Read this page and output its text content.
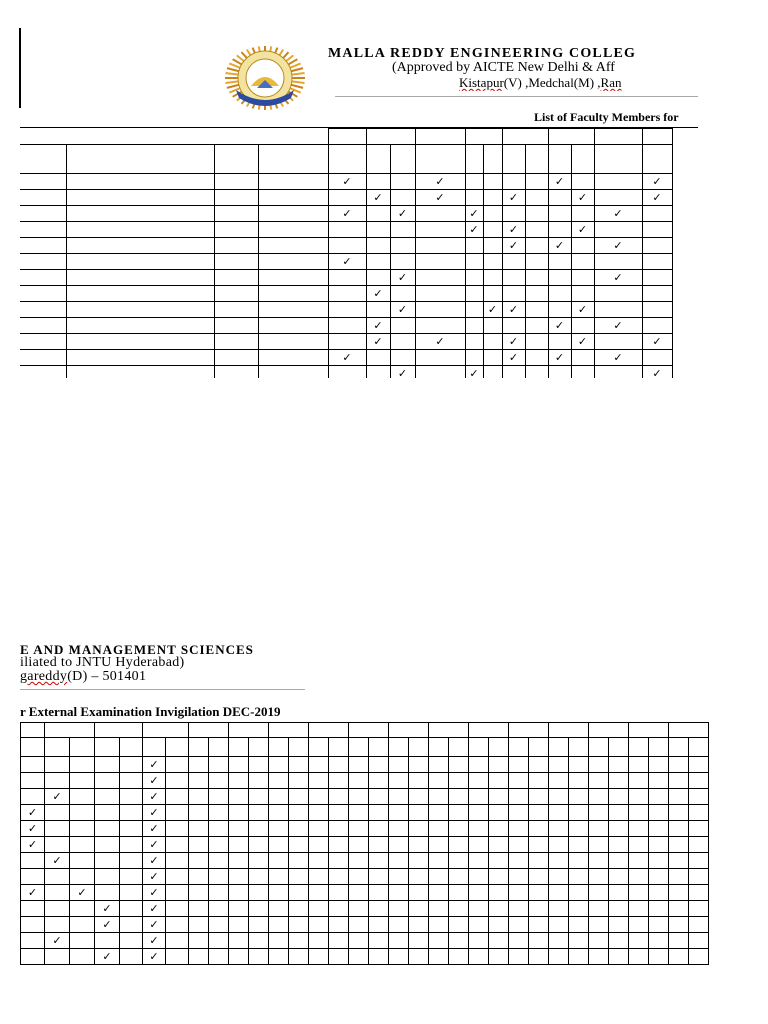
MALLA REDDY ENGINEERING COLLEG
(Approved by AICTE New Delhi & Aff
Kistapur(V) ,Medchal(M) ,Ran
List of Faculty Members for

				✓			✓					✓			✓
					✓		✓			✓			✓		✓
				✓		✓		✓						✓	
								✓		✓			✓		
										✓		✓		✓	
				✓											
						✓								✓	
					✓										
						✓			✓	✓			✓		
					✓							✓		✓	
					✓		✓			✓			✓		✓
				✓						✓		✓		✓	
						✓		✓							✓
E AND MANAGEMENT SCIENCES
iliated to JNTU Hyderabad)
gareddy(D) – 501401
r External Examination Invigilation DEC-2019

					✓																											
					✓																											
	✓				✓																											
✓					✓																											
✓					✓																											
✓					✓																											
	✓				✓																											
					✓																											
✓		✓			✓																											
			✓		✓																											
			✓		✓																											
	✓				✓																											
			✓		✓																											
